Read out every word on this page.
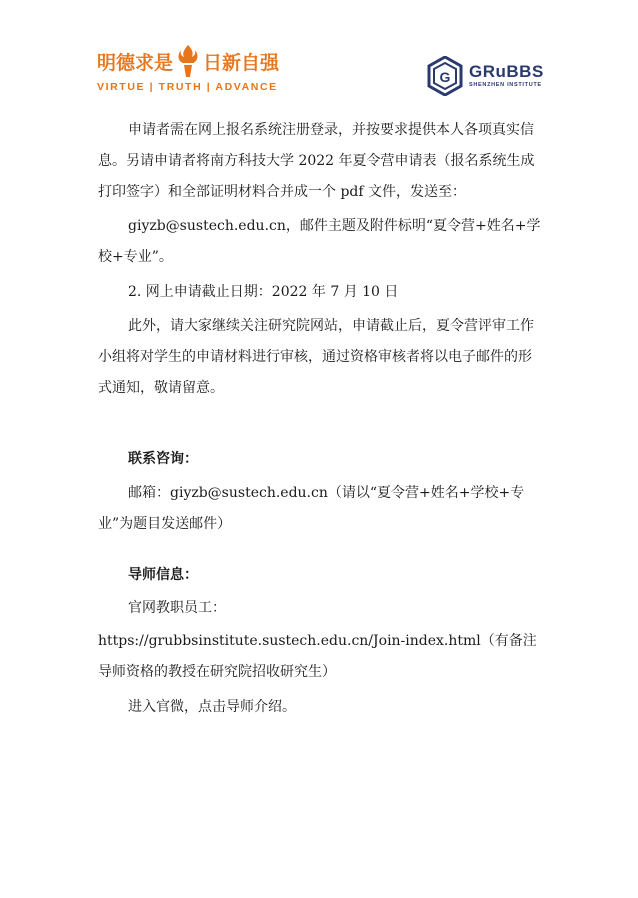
明德求是 日新自强
VIRTUE | TRUTH | ADVANCE
G GRuBBS
SHENZHEN INSTITUTE

申请者需在网上报名系统注册登录，并按要求提供本人各项真实信息。另请申请者将南方科技大学 2022 年夏令营申请表（报名系统生成打印签字）和全部证明材料合并成一个 pdf 文件，发送至：

giyzb@sustech.edu.cn，邮件主题及附件标明“夏令营+姓名+学校+专业”。

2. 网上申请截止日期：2022 年 7 月 10 日

此外，请大家继续关注研究院网站，申请截止后，夏令营评审工作小组将对学生的申请材料进行审核，通过资格审核者将以电子邮件的形式通知，敬请留意。

联系咨询：

邮箱：giyzb@sustech.edu.cn（请以“夏令营+姓名+学校+专业”为题目发送邮件）

导师信息：

官网教职员工：

https://grubbsinstitute.sustech.edu.cn/Join-index.html（有备注导师资格的教授在研究院招收研究生）

进入官微，点击导师介绍。
